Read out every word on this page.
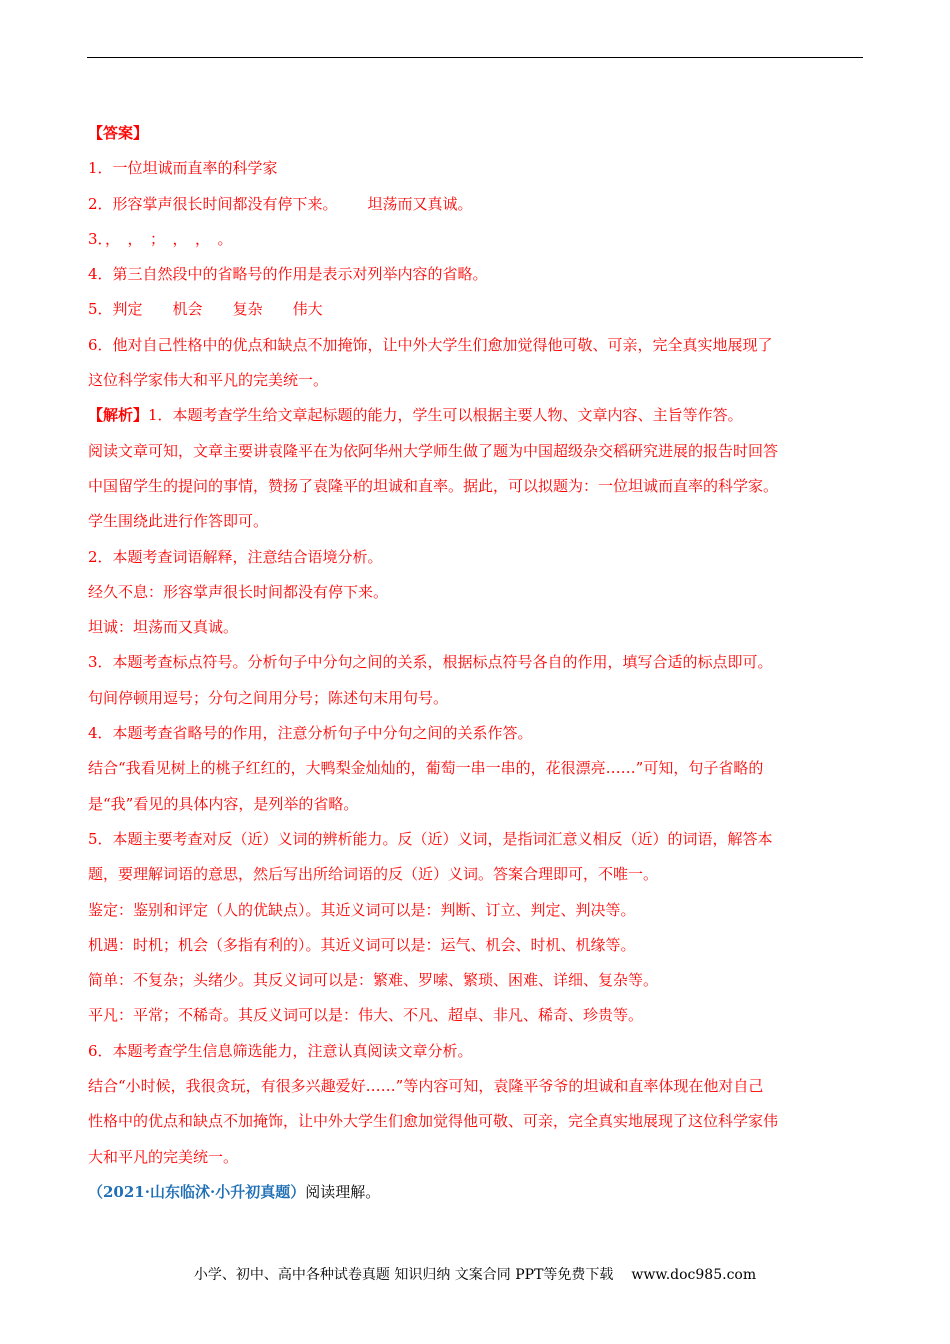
【答案】
1．一位坦诚而直率的科学家
2．形容掌声很长时间都没有停下来。 坦荡而又真诚。
3．，　，　；　，　，　。
4．第三自然段中的省略号的作用是表示对列举内容的省略。
5．判定 机会 复杂 伟大
6．他对自己性格中的优点和缺点不加掩饰，让中外大学生们愈加觉得他可敬、可亲，完全真实地展现了
这位科学家伟大和平凡的完美统一。
【解析】1．本题考查学生给文章起标题的能力，学生可以根据主要人物、文章内容、主旨等作答。
阅读文章可知，文章主要讲袁隆平在为依阿华州大学师生做了题为中国超级杂交稻研究进展的报告时回答
中国留学生的提问的事情，赞扬了袁隆平的坦诚和直率。据此，可以拟题为：一位坦诚而直率的科学家。
学生围绕此进行作答即可。
2．本题考查词语解释，注意结合语境分析。
经久不息：形容掌声很长时间都没有停下来。
坦诚：坦荡而又真诚。
3．本题考查标点符号。分析句子中分句之间的关系，根据标点符号各自的作用，填写合适的标点即可。
句间停顿用逗号；分句之间用分号；陈述句末用句号。
4．本题考查省略号的作用，注意分析句子中分句之间的关系作答。
结合“我看见树上的桃子红红的，大鸭梨金灿灿的，葡萄一串一串的，花很漂亮……”可知，句子省略的
是“我”看见的具体内容，是列举的省略。
5．本题主要考查对反（近）义词的辨析能力。反（近）义词，是指词汇意义相反（近）的词语，解答本
题，要理解词语的意思，然后写出所给词语的反（近）义词。答案合理即可，不唯一。
鉴定：鉴别和评定（人的优缺点）。其近义词可以是：判断、订立、判定、判决等。
机遇：时机；机会（多指有利的）。其近义词可以是：运气、机会、时机、机缘等。
简单：不复杂；头绪少。其反义词可以是：繁难、罗嗦、繁琐、困难、详细、复杂等。
平凡：平常；不稀奇。其反义词可以是：伟大、不凡、超卓、非凡、稀奇、珍贵等。
6．本题考查学生信息筛选能力，注意认真阅读文章分析。
结合“小时候，我很贪玩，有很多兴趣爱好……”等内容可知，袁隆平爷爷的坦诚和直率体现在他对自己
性格中的优点和缺点不加掩饰，让中外大学生们愈加觉得他可敬、可亲，完全真实地展现了这位科学家伟
大和平凡的完美统一。
（2021·山东临沭·小升初真题）阅读理解。
小学、初中、高中各种试卷真题 知识归纳 文案合同 PPT等免费下载 www.doc985.com
